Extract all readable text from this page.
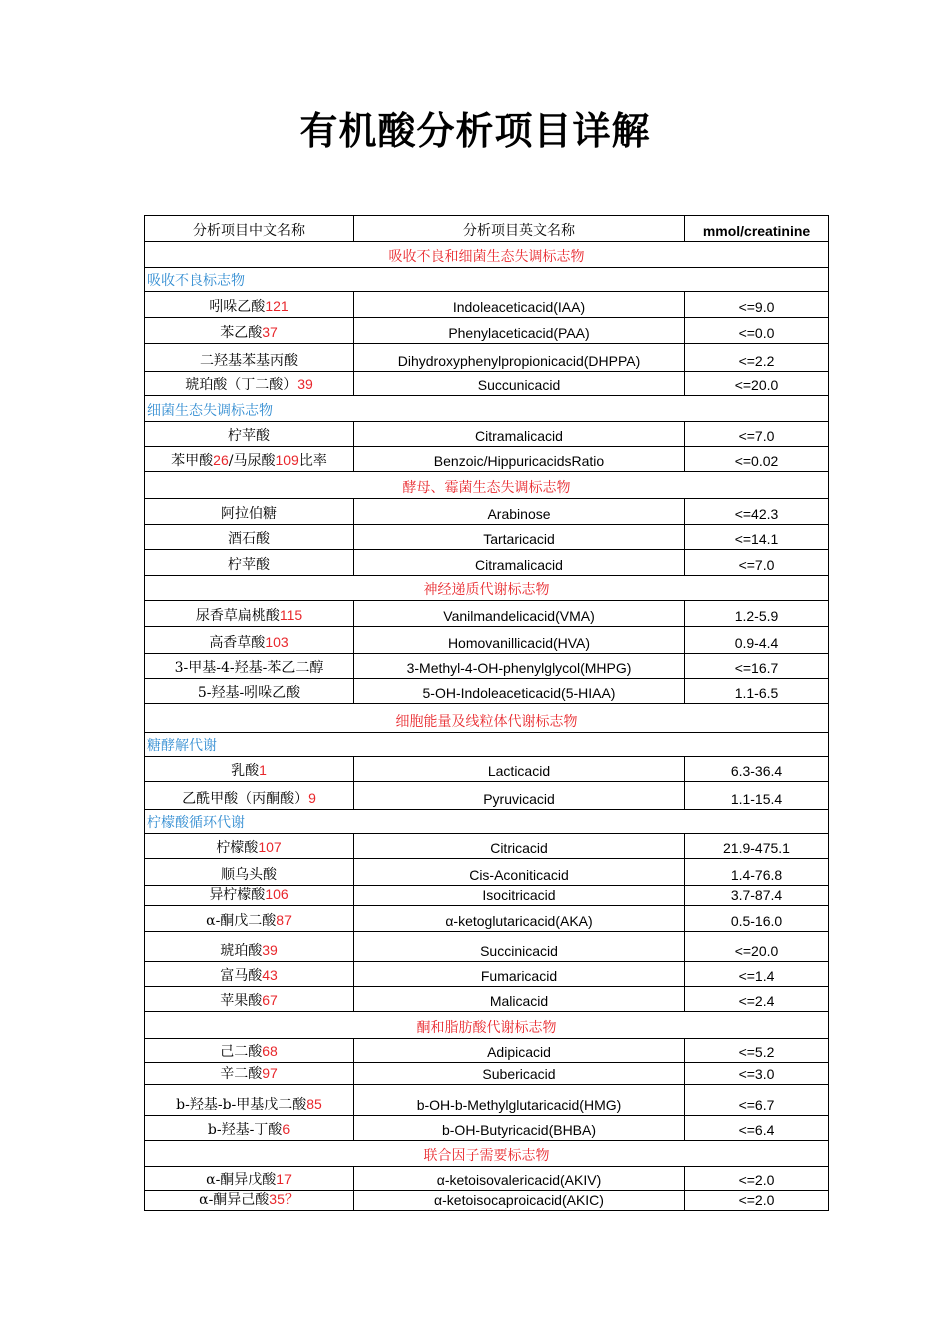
有机酸分析项目详解
分析项目中文名称	分析项目英文名称	mmol/creatinine
吸收不良和细菌生态失调标志物		
吸收不良标志物		
吲哚乙酸121	Indoleaceticacid(IAA)	<=9.0
苯乙酸37	Phenylaceticacid(PAA)	<=0.0
二羟基苯基丙酸	Dihydroxyphenylpropionicacid(DHPPA)	<=2.2
琥珀酸（丁二酸）39	Succunicacid	<=20.0
细菌生态失调标志物		
柠苹酸	Citramalicacid	<=7.0
苯甲酸26/马尿酸109比率	Benzoic/HippuricacidsRatio	<=0.02
酵母、霉菌生态失调标志物		
阿拉伯糖	Arabinose	<=42.3
酒石酸	Tartaricacid	<=14.1
柠苹酸	Citramalicacid	<=7.0
神经递质代谢标志物		
尿香草扁桃酸115	Vanilmandelicacid(VMA)	1.2-5.9
高香草酸103	Homovanillicacid(HVA)	0.9-4.4
3-甲基-4-羟基-苯乙二醇	3-Methyl-4-OH-phenylglycol(MHPG)	<=16.7
5-羟基-吲哚乙酸	5-OH-Indoleaceticacid(5-HIAA)	1.1-6.5
细胞能量及线粒体代谢标志物		
糖酵解代谢		
乳酸1	Lacticacid	6.3-36.4
乙酰甲酸（丙酮酸）9	Pyruvicacid	1.1-15.4
柠檬酸循环代谢		
柠檬酸107	Citricacid	21.9-475.1
顺乌头酸	Cis-Aconiticacid	1.4-76.8
异柠檬酸106	Isocitricacid	3.7-87.4
α-酮戊二酸87	α-ketoglutaricacid(AKA)	0.5-16.0
琥珀酸39	Succinicacid	<=20.0
富马酸43	Fumaricacid	<=1.4
苹果酸67	Malicacid	<=2.4
酮和脂肪酸代谢标志物		
己二酸68	Adipicacid	<=5.2
辛二酸97	Subericacid	<=3.0
b-羟基-b-甲基戊二酸85	b-OH-b-Methylglutaricacid(HMG)	<=6.7
b-羟基-丁酸6	b-OH-Butyricacid(BHBA)	<=6.4
联合因子需要标志物		
α-酮异戊酸17	α-ketoisovalericacid(AKIV)	<=2.0
α-酮异己酸35？	α-ketoisocaproicacid(AKIC)	<=2.0
